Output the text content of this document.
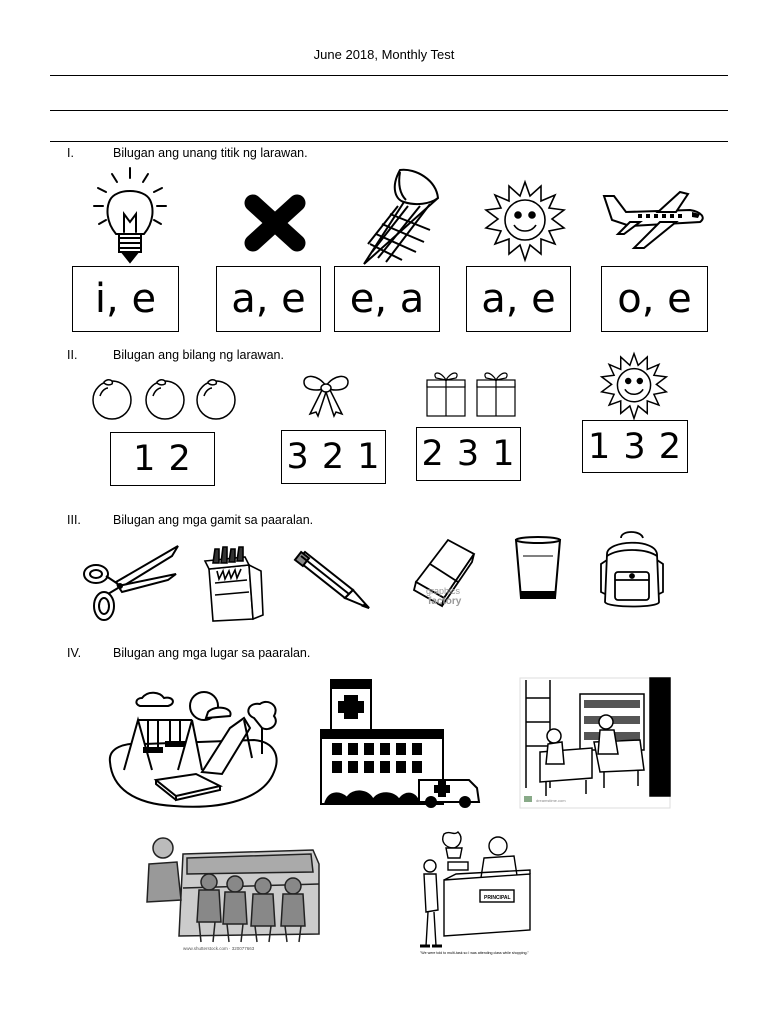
June 2018, Monthly Test
I.	Bilugan ang unang titik ng larawan.
i, e	a, e	e, a	a, e	o, e
II.	Bilugan ang bilang ng larawan.
1 2	3 2 1 2 3 1 1 3 2
III.	Bilugan ang mga gamit sa paaralan.
graphics
factory
IV.	Bilugan ang mga lugar sa paaralan.
dreamstime.com
www.shutterstock.com · 320077663
PRINCIPAL
"We were told to multi-task so I was attending class while shopping."
